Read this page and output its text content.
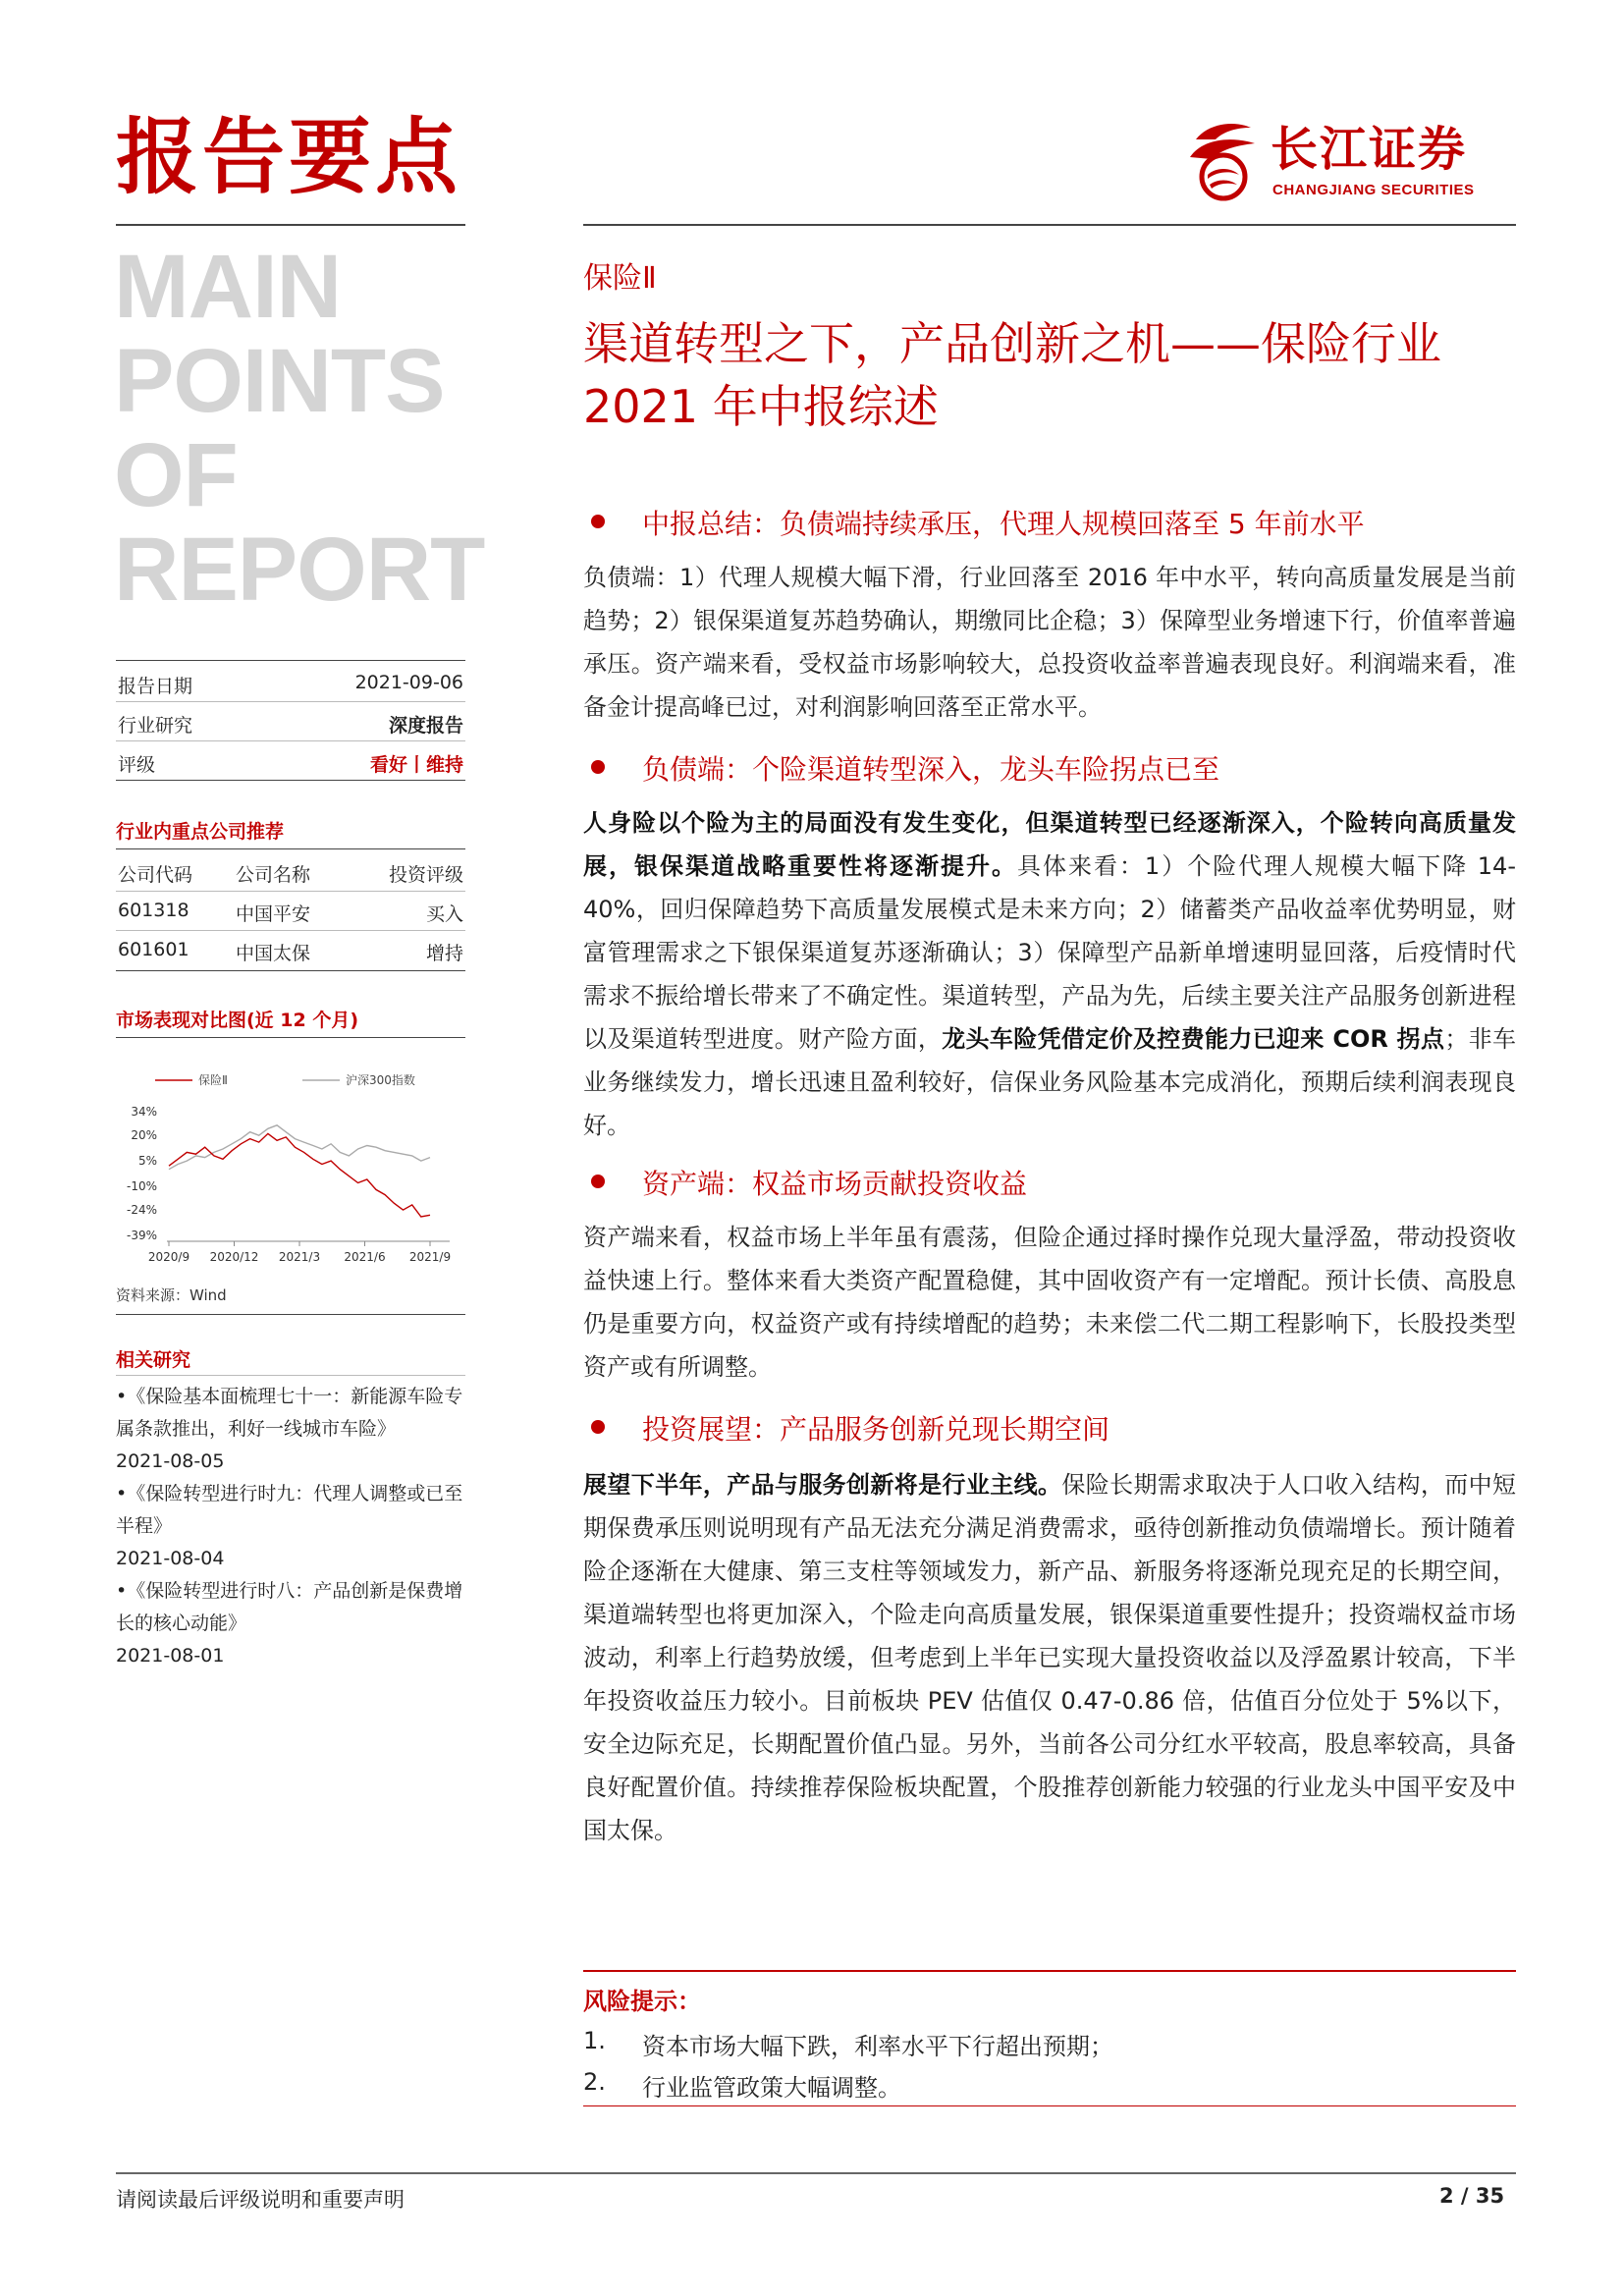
报告要点
MAIN
POINTS
OF
REPORT
长江证券
CHANGJIANG SECURITIES
报告日期	2021-09-06
行业研究	深度报告
评级	看好丨维持
行业内重点公司推荐
公司代码 公司名称	投资评级
601318 中国平安	买入
601601 中国太保	增持
市场表现对比图(近 12 个月)
保险Ⅱ	沪深300指数
34%
20%
5%
-10%
-24%
-39%
2020/9 2020/12 2021/3 2021/6 2021/9
资料来源：Wind
相关研究
•《保险基本面梳理七十一：新能源车险专属条款推出，利好一线城市车险》
2021-08-05
•《保险转型进行时九：代理人调整或已至半程》
2021-08-04
•《保险转型进行时八：产品创新是保费增长的核心动能》
2021-08-01
保险Ⅱ
渠道转型之下，产品创新之机——保险行业 2021 年中报综述
中报总结：负债端持续承压，代理人规模回落至 5 年前水平
负债端：1）代理人规模大幅下滑，行业回落至 2016 年中水平，转向高质量发展是当前趋势；2）银保渠道复苏趋势确认，期缴同比企稳；3）保障型业务增速下行，价值率普遍承压。资产端来看，受权益市场影响较大，总投资收益率普遍表现良好。利润端来看，准备金计提高峰已过，对利润影响回落至正常水平。
负债端：个险渠道转型深入，龙头车险拐点已至
人身险以个险为主的局面没有发生变化，但渠道转型已经逐渐深入，个险转向高质量发展，银保渠道战略重要性将逐渐提升。具体来看：1）个险代理人规模大幅下降 14-40%，回归保障趋势下高质量发展模式是未来方向；2）储蓄类产品收益率优势明显，财富管理需求之下银保渠道复苏逐渐确认；3）保障型产品新单增速明显回落，后疫情时代需求不振给增长带来了不确定性。渠道转型，产品为先，后续主要关注产品服务创新进程以及渠道转型进度。财产险方面，龙头车险凭借定价及控费能力已迎来 COR 拐点；非车业务继续发力，增长迅速且盈利较好，信保业务风险基本完成消化，预期后续利润表现良好。
资产端：权益市场贡献投资收益
资产端来看，权益市场上半年虽有震荡，但险企通过择时操作兑现大量浮盈，带动投资收益快速上行。整体来看大类资产配置稳健，其中固收资产有一定增配。预计长债、高股息仍是重要方向，权益资产或有持续增配的趋势；未来偿二代二期工程影响下，长股投类型资产或有所调整。
投资展望：产品服务创新兑现长期空间
展望下半年，产品与服务创新将是行业主线。保险长期需求取决于人口收入结构，而中短期保费承压则说明现有产品无法充分满足消费需求，亟待创新推动负债端增长。预计随着险企逐渐在大健康、第三支柱等领域发力，新产品、新服务将逐渐兑现充足的长期空间，渠道端转型也将更加深入，个险走向高质量发展，银保渠道重要性提升；投资端权益市场波动，利率上行趋势放缓，但考虑到上半年已实现大量投资收益以及浮盈累计较高，下半年投资收益压力较小。目前板块 PEV 估值仅 0.47-0.86 倍，估值百分位处于 5%以下，安全边际充足，长期配置价值凸显。另外，当前各公司分红水平较高，股息率较高，具备良好配置价值。持续推荐保险板块配置，个股推荐创新能力较强的行业龙头中国平安及中国太保。
风险提示：
1. 资本市场大幅下跌，利率水平下行超出预期；
2. 行业监管政策大幅调整。
请阅读最后评级说明和重要声明	2 / 35
